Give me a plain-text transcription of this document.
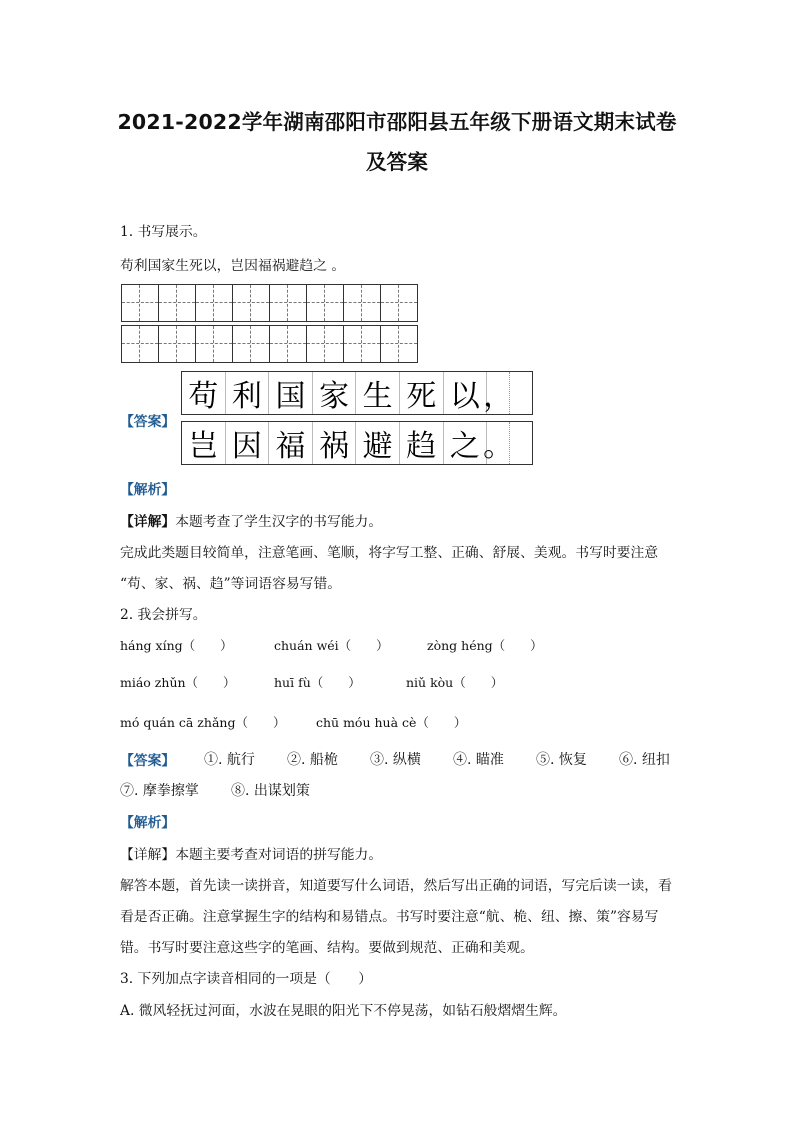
2021-2022学年湖南邵阳市邵阳县五年级下册语文期末试卷
及答案
1. 书写展示。
苟利国家生死以，岂因福祸避趋之 。

【答案】
苟 利 国 家 生 死 以 ，
岂 因 福 祸 避 趋 之 。
【解析】
【详解】本题考查了学生汉字的书写能力。
完成此类题目较简单，注意笔画、笔顺，将字写工整、正确、舒展、美观。书写时要注意
“苟、家、祸、趋”等词语容易写错。
2. 我会拼写。
háng xíng（　　）	chuán wéi（　　）	zòng héng（　　）
miáo zhǔn（　　）	huī fù（　　）	niǔ kòu（　　）
mó quán cā zhǎng（　　） chū móu huà cè（　　）
【答案】 ①. 航行 ②. 船桅 ③. 纵横 ④. 瞄准 ⑤. 恢复 ⑥. 纽扣
⑦. 摩拳擦掌 ⑧. 出谋划策
【解析】
【详解】本题主要考查对词语的拼写能力。
解答本题，首先读一读拼音，知道要写什么词语，然后写出正确的词语，写完后读一读，看
看是否正确。注意掌握生字的结构和易错点。书写时要注意“航、桅、纽、擦、策”容易写
错。书写时要注意这些字的笔画、结构。要做到规范、正确和美观。
3. 下列加点字读音相同的一项是（　　）
A. 微风轻抚过河面，水波在晃眼的阳光下不停晃荡，如钻石般熠熠生辉。
